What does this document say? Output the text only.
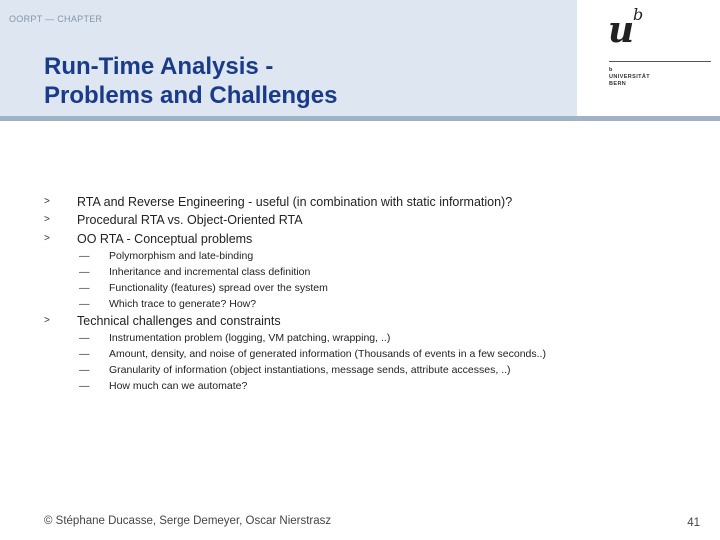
OORPT — CHAPTER
Run-Time Analysis -
Problems and Challenges
u
b
b
UNIVERSITÄT
BERN
> RTA and Reverse Engineering - useful (in combination with static information)?
> Procedural RTA vs. Object-Oriented RTA
> OO RTA - Conceptual problems
— Polymorphism and late-binding
— Inheritance and incremental class definition
— Functionality (features) spread over the system
— Which trace to generate? How?
> Technical challenges and constraints
— Instrumentation problem (logging, VM patching, wrapping, ..)
— Amount, density, and noise of generated information (Thousands of events in a few seconds..)
— Granularity of information (object instantiations, message sends, attribute accesses, ..)
— How much can we automate?
© Stéphane Ducasse, Serge Demeyer, Oscar Nierstrasz	41
